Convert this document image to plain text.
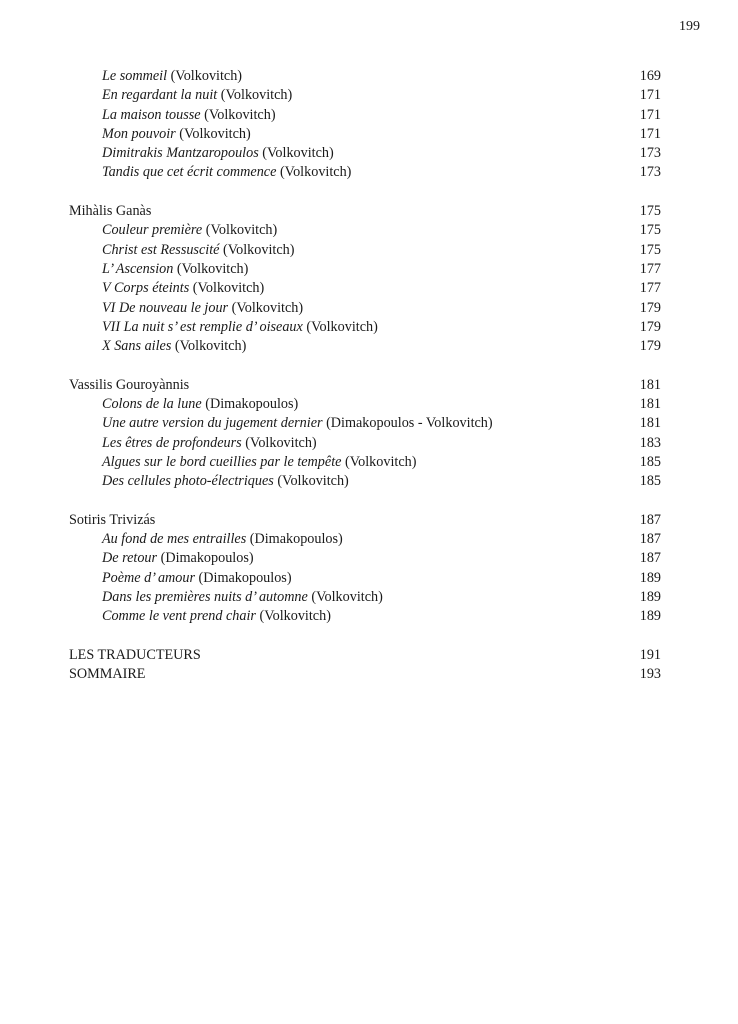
199
Le sommeil (Volkovitch)	169
En regardant la nuit (Volkovitch)	171
La maison tousse (Volkovitch)	171
Mon pouvoir (Volkovitch)	171
Dimitrakis Mantzaropoulos (Volkovitch)	173
Tandis que cet écrit commence (Volkovitch)	173
Mihàlis Ganàs	175
Couleur première (Volkovitch)	175
Christ est Ressuscité (Volkovitch)	175
L’ Ascension (Volkovitch)	177
V Corps éteints (Volkovitch)	177
VI De nouveau le jour (Volkovitch)	179
VII La nuit s’ est remplie d’ oiseaux (Volkovitch)	179
X Sans ailes (Volkovitch)	179
Vassilis Gouroyànnis	181
Colons de la lune (Dimakopoulos)	181
Une autre version du jugement dernier (Dimakopoulos - Volkovitch)	181
Les êtres de profondeurs (Volkovitch)	183
Algues sur le bord cueillies par le tempête (Volkovitch)	185
Des cellules photo-électriques (Volkovitch)	185
Sotiris Trivizás	187
Au fond de mes entrailles (Dimakopoulos)	187
De retour (Dimakopoulos)	187
Poème d’ amour (Dimakopoulos)	189
Dans les premières nuits d’ automne (Volkovitch)	189
Comme le vent prend chair (Volkovitch)	189
LES TRADUCTEURS	191
SOMMAIRE	193
